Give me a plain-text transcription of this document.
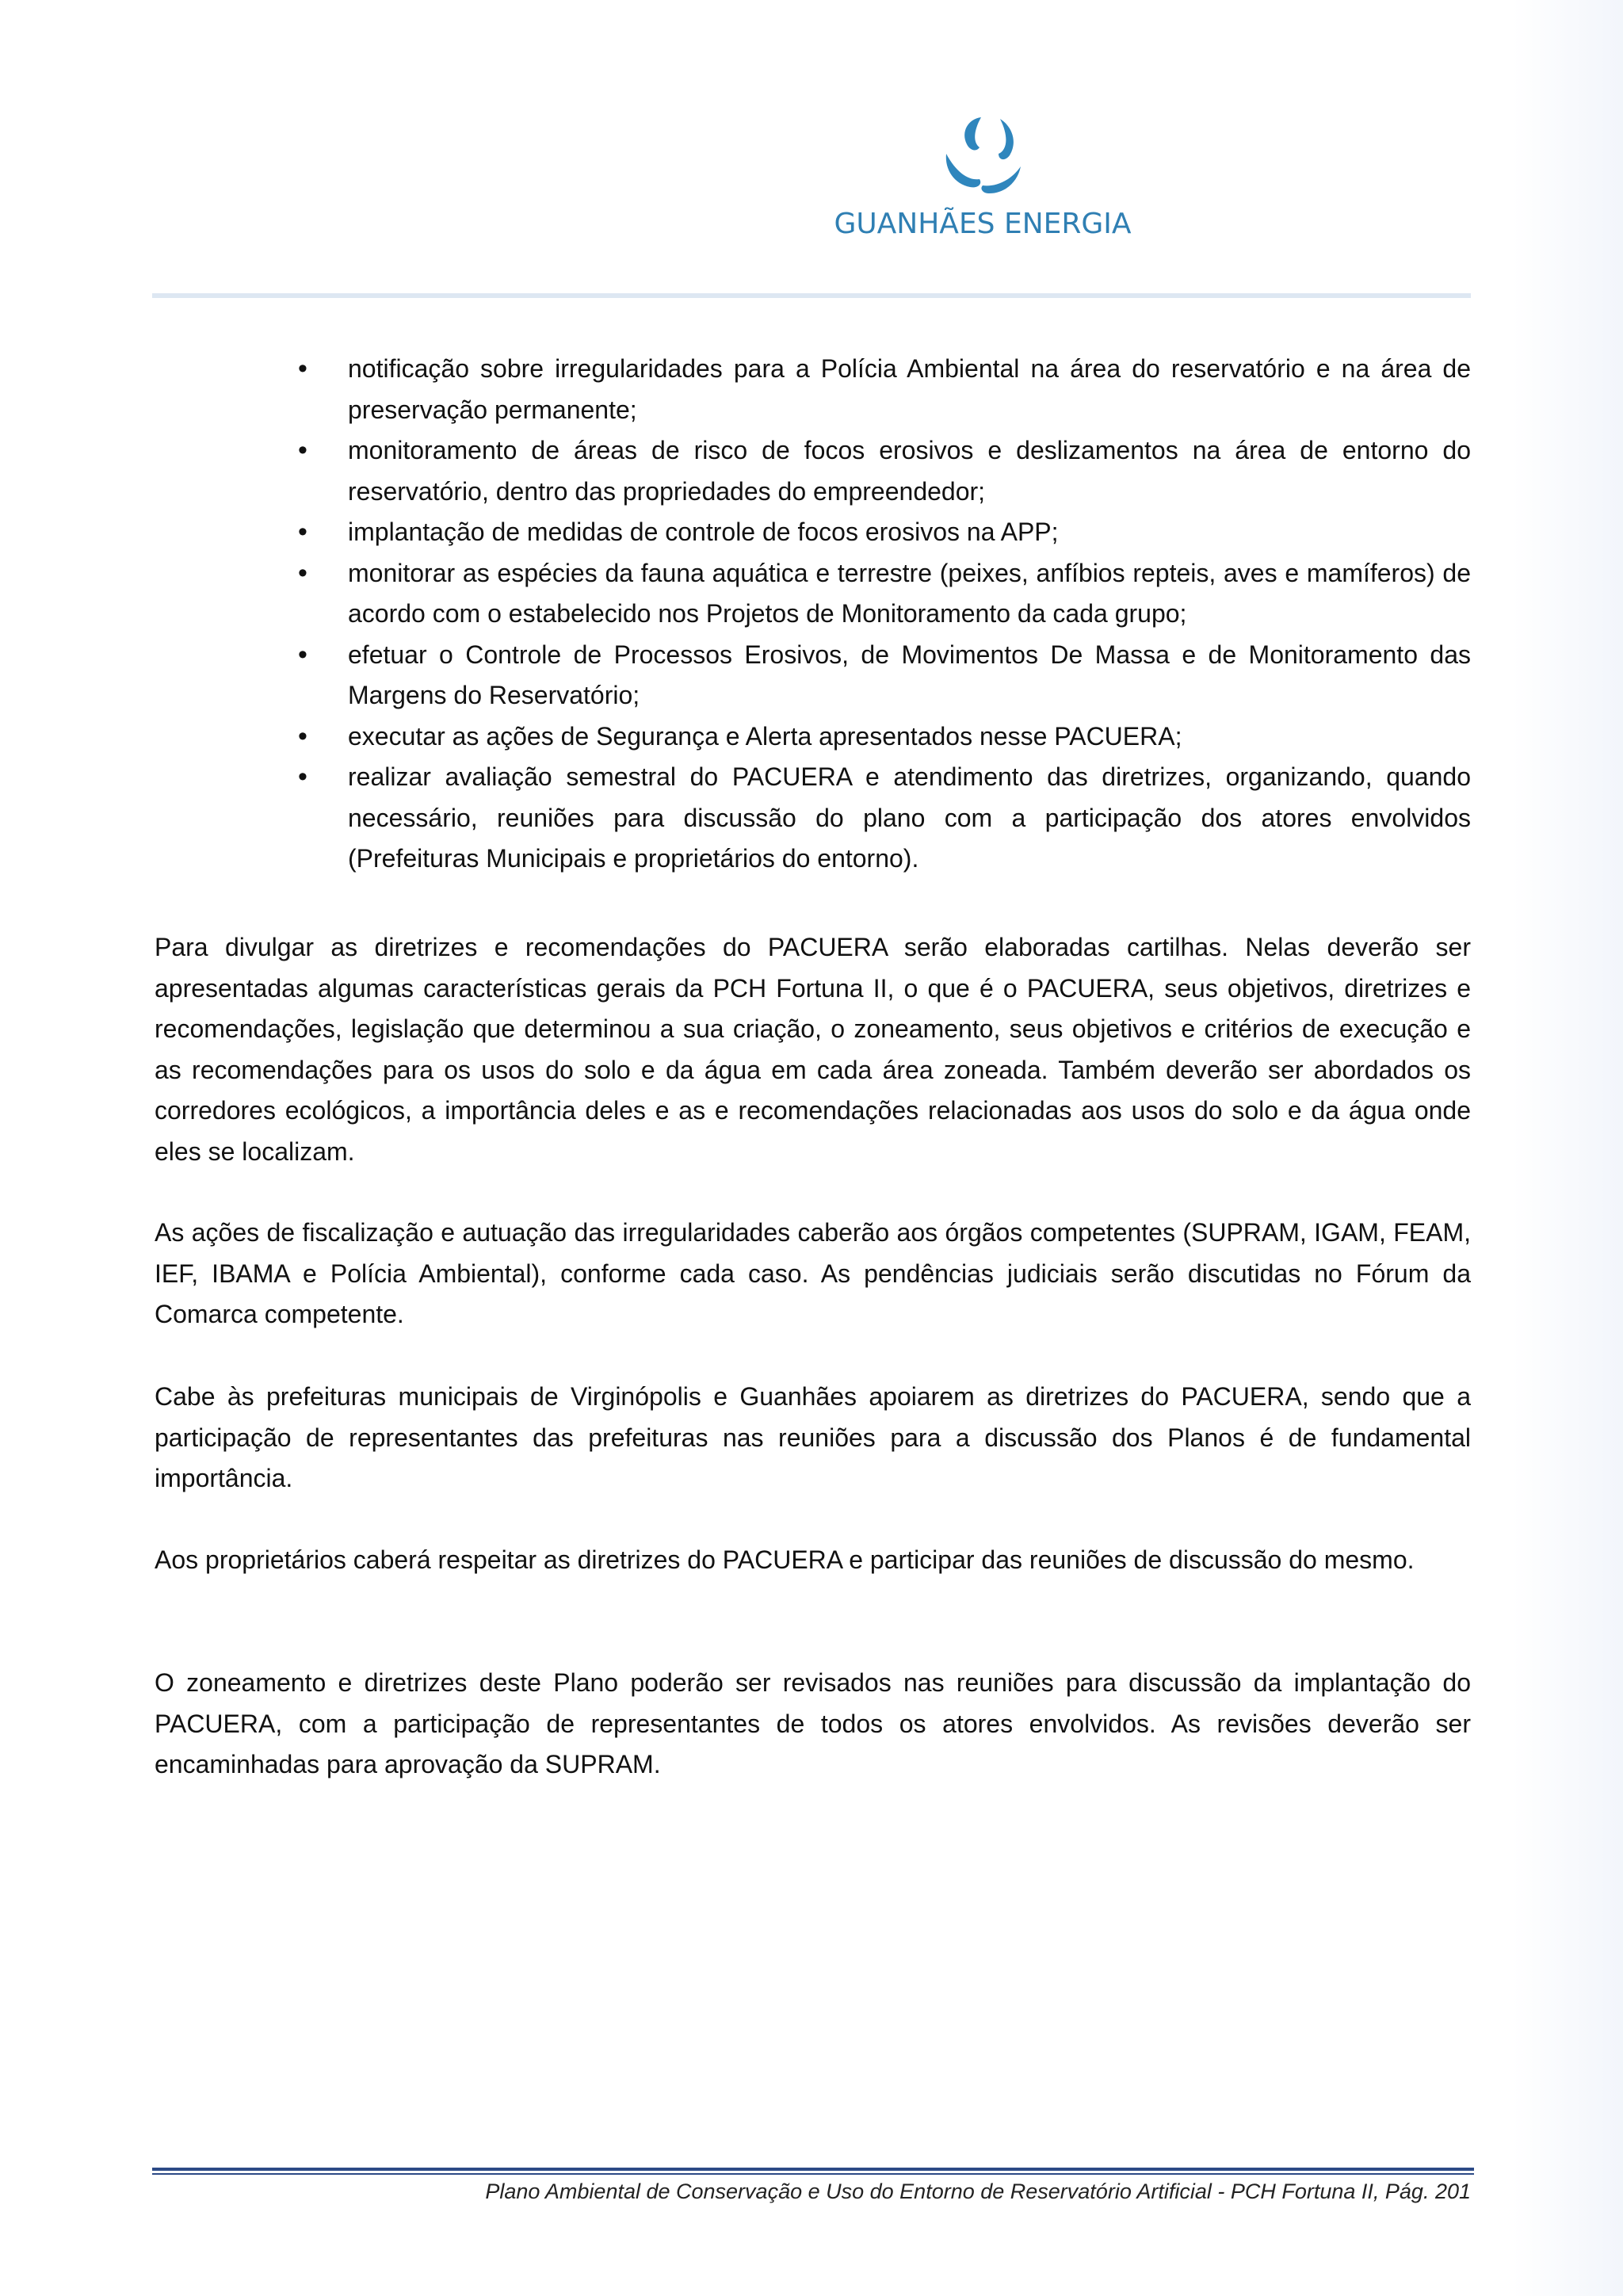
GUANHÃES ENERGIA
• notificação sobre irregularidades para a Polícia Ambiental na área do reservatório e na área de preservação permanente;
• monitoramento de áreas de risco de focos erosivos e deslizamentos na área de entorno do reservatório, dentro das propriedades do empreendedor;
• implantação de medidas de controle de focos erosivos na APP;
• monitorar as espécies da fauna aquática e terrestre (peixes, anfíbios repteis, aves e mamíferos) de acordo com o estabelecido nos Projetos de Monitoramento da cada grupo;
• efetuar o Controle de Processos Erosivos, de Movimentos De Massa e de Monitoramento das Margens do Reservatório;
• executar as ações de Segurança e Alerta apresentados nesse PACUERA;
• realizar avaliação semestral do PACUERA e atendimento das diretrizes, organizando, quando necessário, reuniões para discussão do plano com a participação dos atores envolvidos (Prefeituras Municipais e proprietários do entorno).

Para divulgar as diretrizes e recomendações do PACUERA serão elaboradas cartilhas. Nelas deverão ser apresentadas algumas características gerais da PCH Fortuna II, o que é o PACUERA, seus objetivos, diretrizes e recomendações, legislação que determinou a sua criação, o zoneamento, seus objetivos e critérios de execução e as recomendações para os usos do solo e da água em cada área zoneada. Também deverão ser abordados os corredores ecológicos, a importância deles e as e recomendações relacionadas aos usos do solo e da água onde eles se localizam.

As ações de fiscalização e autuação das irregularidades caberão aos órgãos competentes (SUPRAM, IGAM, FEAM, IEF, IBAMA e Polícia Ambiental), conforme cada caso. As pendências judiciais serão discutidas no Fórum da Comarca competente.

Cabe às prefeituras municipais de Virginópolis e Guanhães apoiarem as diretrizes do PACUERA, sendo que a participação de representantes das prefeituras nas reuniões para a discussão dos Planos é de fundamental importância.

Aos proprietários caberá respeitar as diretrizes do PACUERA e participar das reuniões de discussão do mesmo.

O zoneamento e diretrizes deste Plano poderão ser revisados nas reuniões para discussão da implantação do PACUERA, com a participação de representantes de todos os atores envolvidos. As revisões deverão ser encaminhadas para aprovação da SUPRAM.

Plano Ambiental de Conservação e Uso do Entorno de Reservatório Artificial - PCH Fortuna II, Pág. 201
